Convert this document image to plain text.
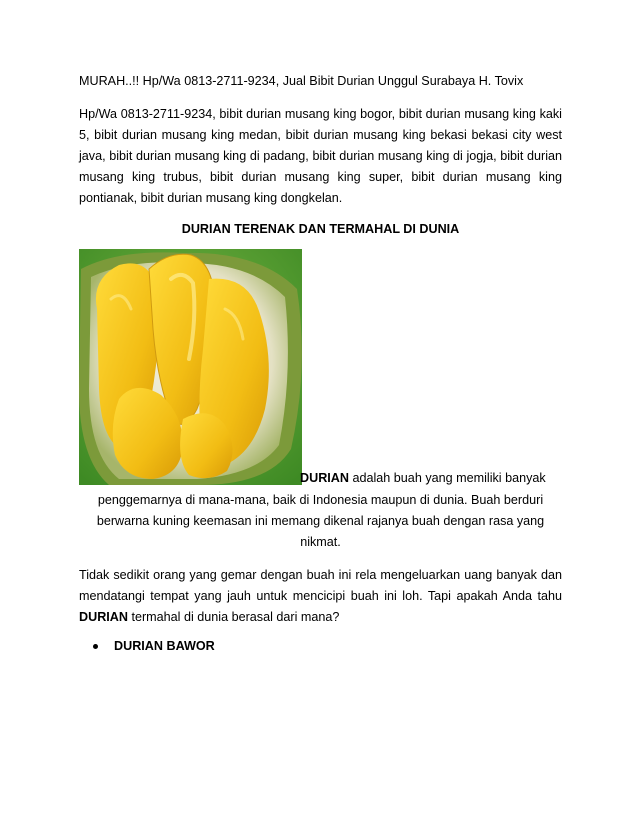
MURAH..!! Hp/Wa 0813-2711-9234, Jual Bibit Durian Unggul Surabaya H. Tovix

Hp/Wa 0813-2711-9234, bibit durian musang king bogor, bibit durian musang king kaki 5, bibit durian musang king medan, bibit durian musang king bekasi bekasi city west java, bibit durian musang king di padang, bibit durian musang king di jogja, bibit durian musang king trubus, bibit durian musang king super, bibit durian musang king pontianak, bibit durian musang king dongkelan.

DURIAN TERENAK DAN TERMAHAL DI DUNIA

DURIAN adalah buah yang memiliki banyak

penggemarnya di mana-mana, baik di Indonesia maupun di dunia. Buah berduri berwarna kuning keemasan ini memang dikenal rajanya buah dengan rasa yang nikmat.

Tidak sedikit orang yang gemar dengan buah ini rela mengeluarkan uang banyak dan mendatangi tempat yang jauh untuk mencicipi buah ini loh. Tapi apakah Anda tahu DURIAN termahal di dunia berasal dari mana?

DURIAN BAWOR
